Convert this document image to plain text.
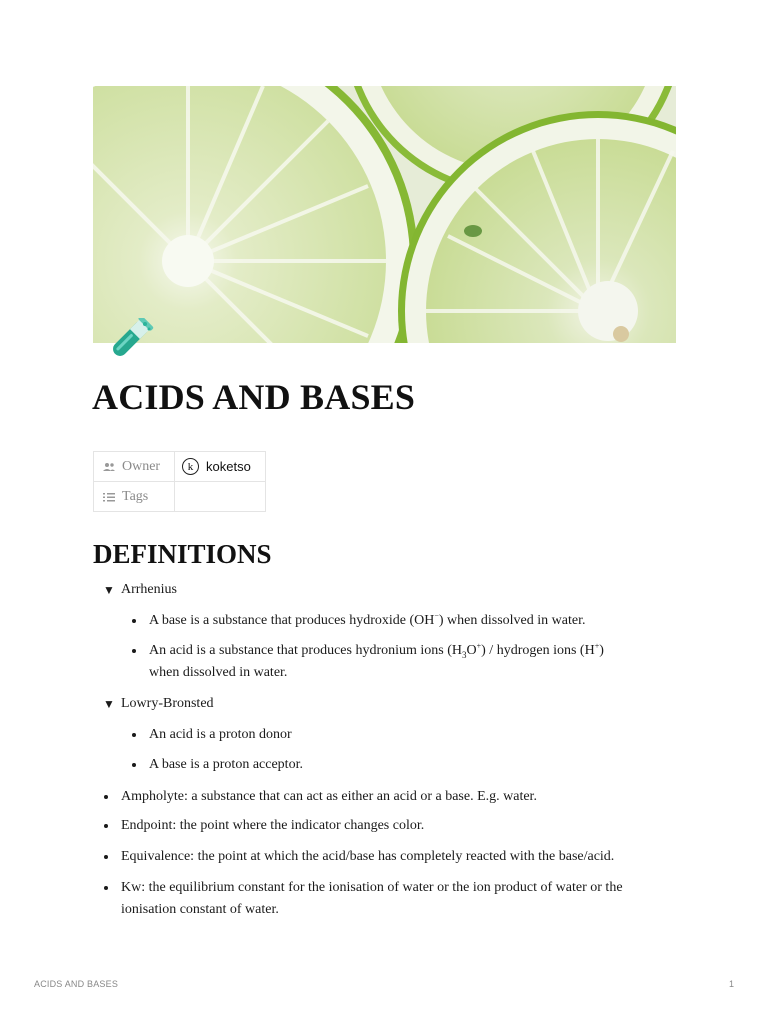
ACIDS AND BASES
Owner	k koketso

Tags	

DEFINITIONS
▼ Arrhenius
A base is a substance that produces hydroxide (OH−) when dissolved in water.
An acid is a substance that produces hydronium ions $(H_3O^+)$ / hydrogen ions (H+)
when dissolved in water.
▼ Lowry-Bronsted
An acid is a proton donor
A base is a proton acceptor.
Ampholyte: a substance that can act as either an acid or a base. E.g. water.
Endpoint: the point where the indicator changes color.
Equivalence: the point at which the acid/base has completely reacted with the base/acid.
Kw: the equilibrium constant for the ionisation of water or the ion product of water or the
ionisation constant of water.
ACIDS AND BASES	1
